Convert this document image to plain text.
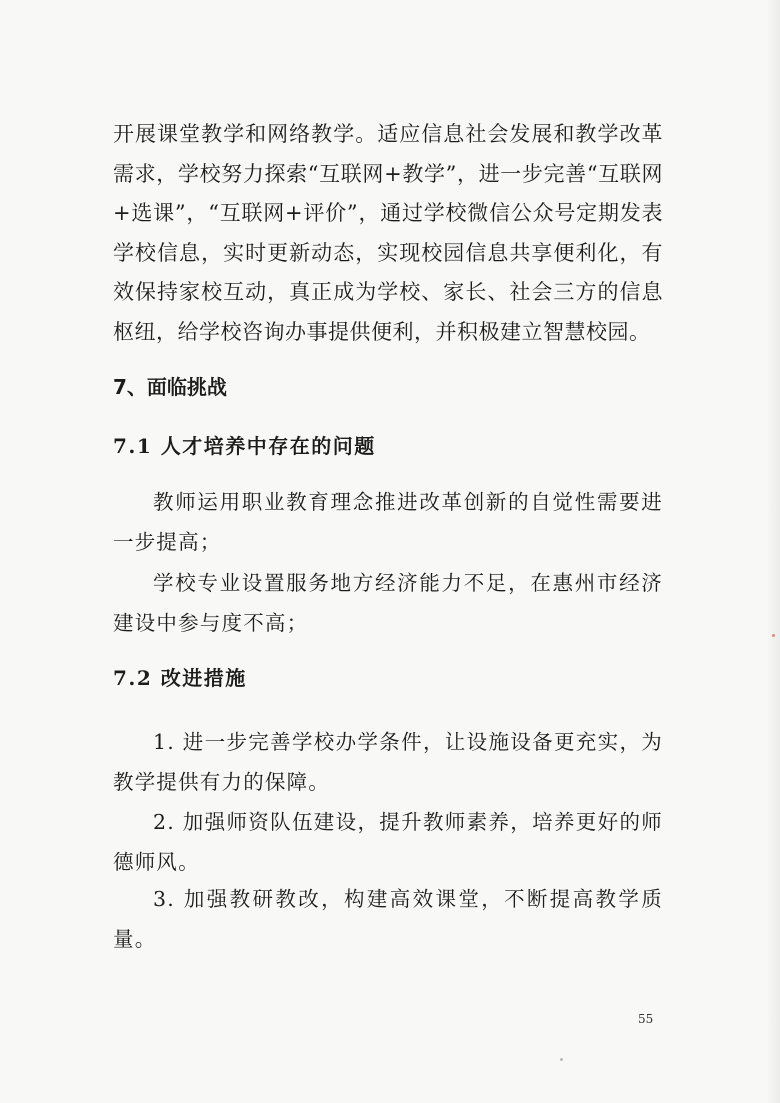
开展课堂教学和网络教学。适应信息社会发展和教学改革需求，学校努力探索“互联网+教学”，进一步完善“互联网+选课”，“互联网+评价”，通过学校微信公众号定期发表学校信息，实时更新动态，实现校园信息共享便利化，有效保持家校互动，真正成为学校、家长、社会三方的信息枢纽，给学校咨询办事提供便利，并积极建立智慧校园。

7、面临挑战
7.1 人才培养中存在的问题

教师运用职业教育理念推进改革创新的自觉性需要进一步提高；

学校专业设置服务地方经济能力不足，在惠州市经济建设中参与度不高；

7.2 改进措施

1. 进一步完善学校办学条件，让设施设备更充实，为教学提供有力的保障。

2. 加强师资队伍建设，提升教师素养，培养更好的师德师风。

3. 加强教研教改，构建高效课堂，不断提高教学质量。

55
